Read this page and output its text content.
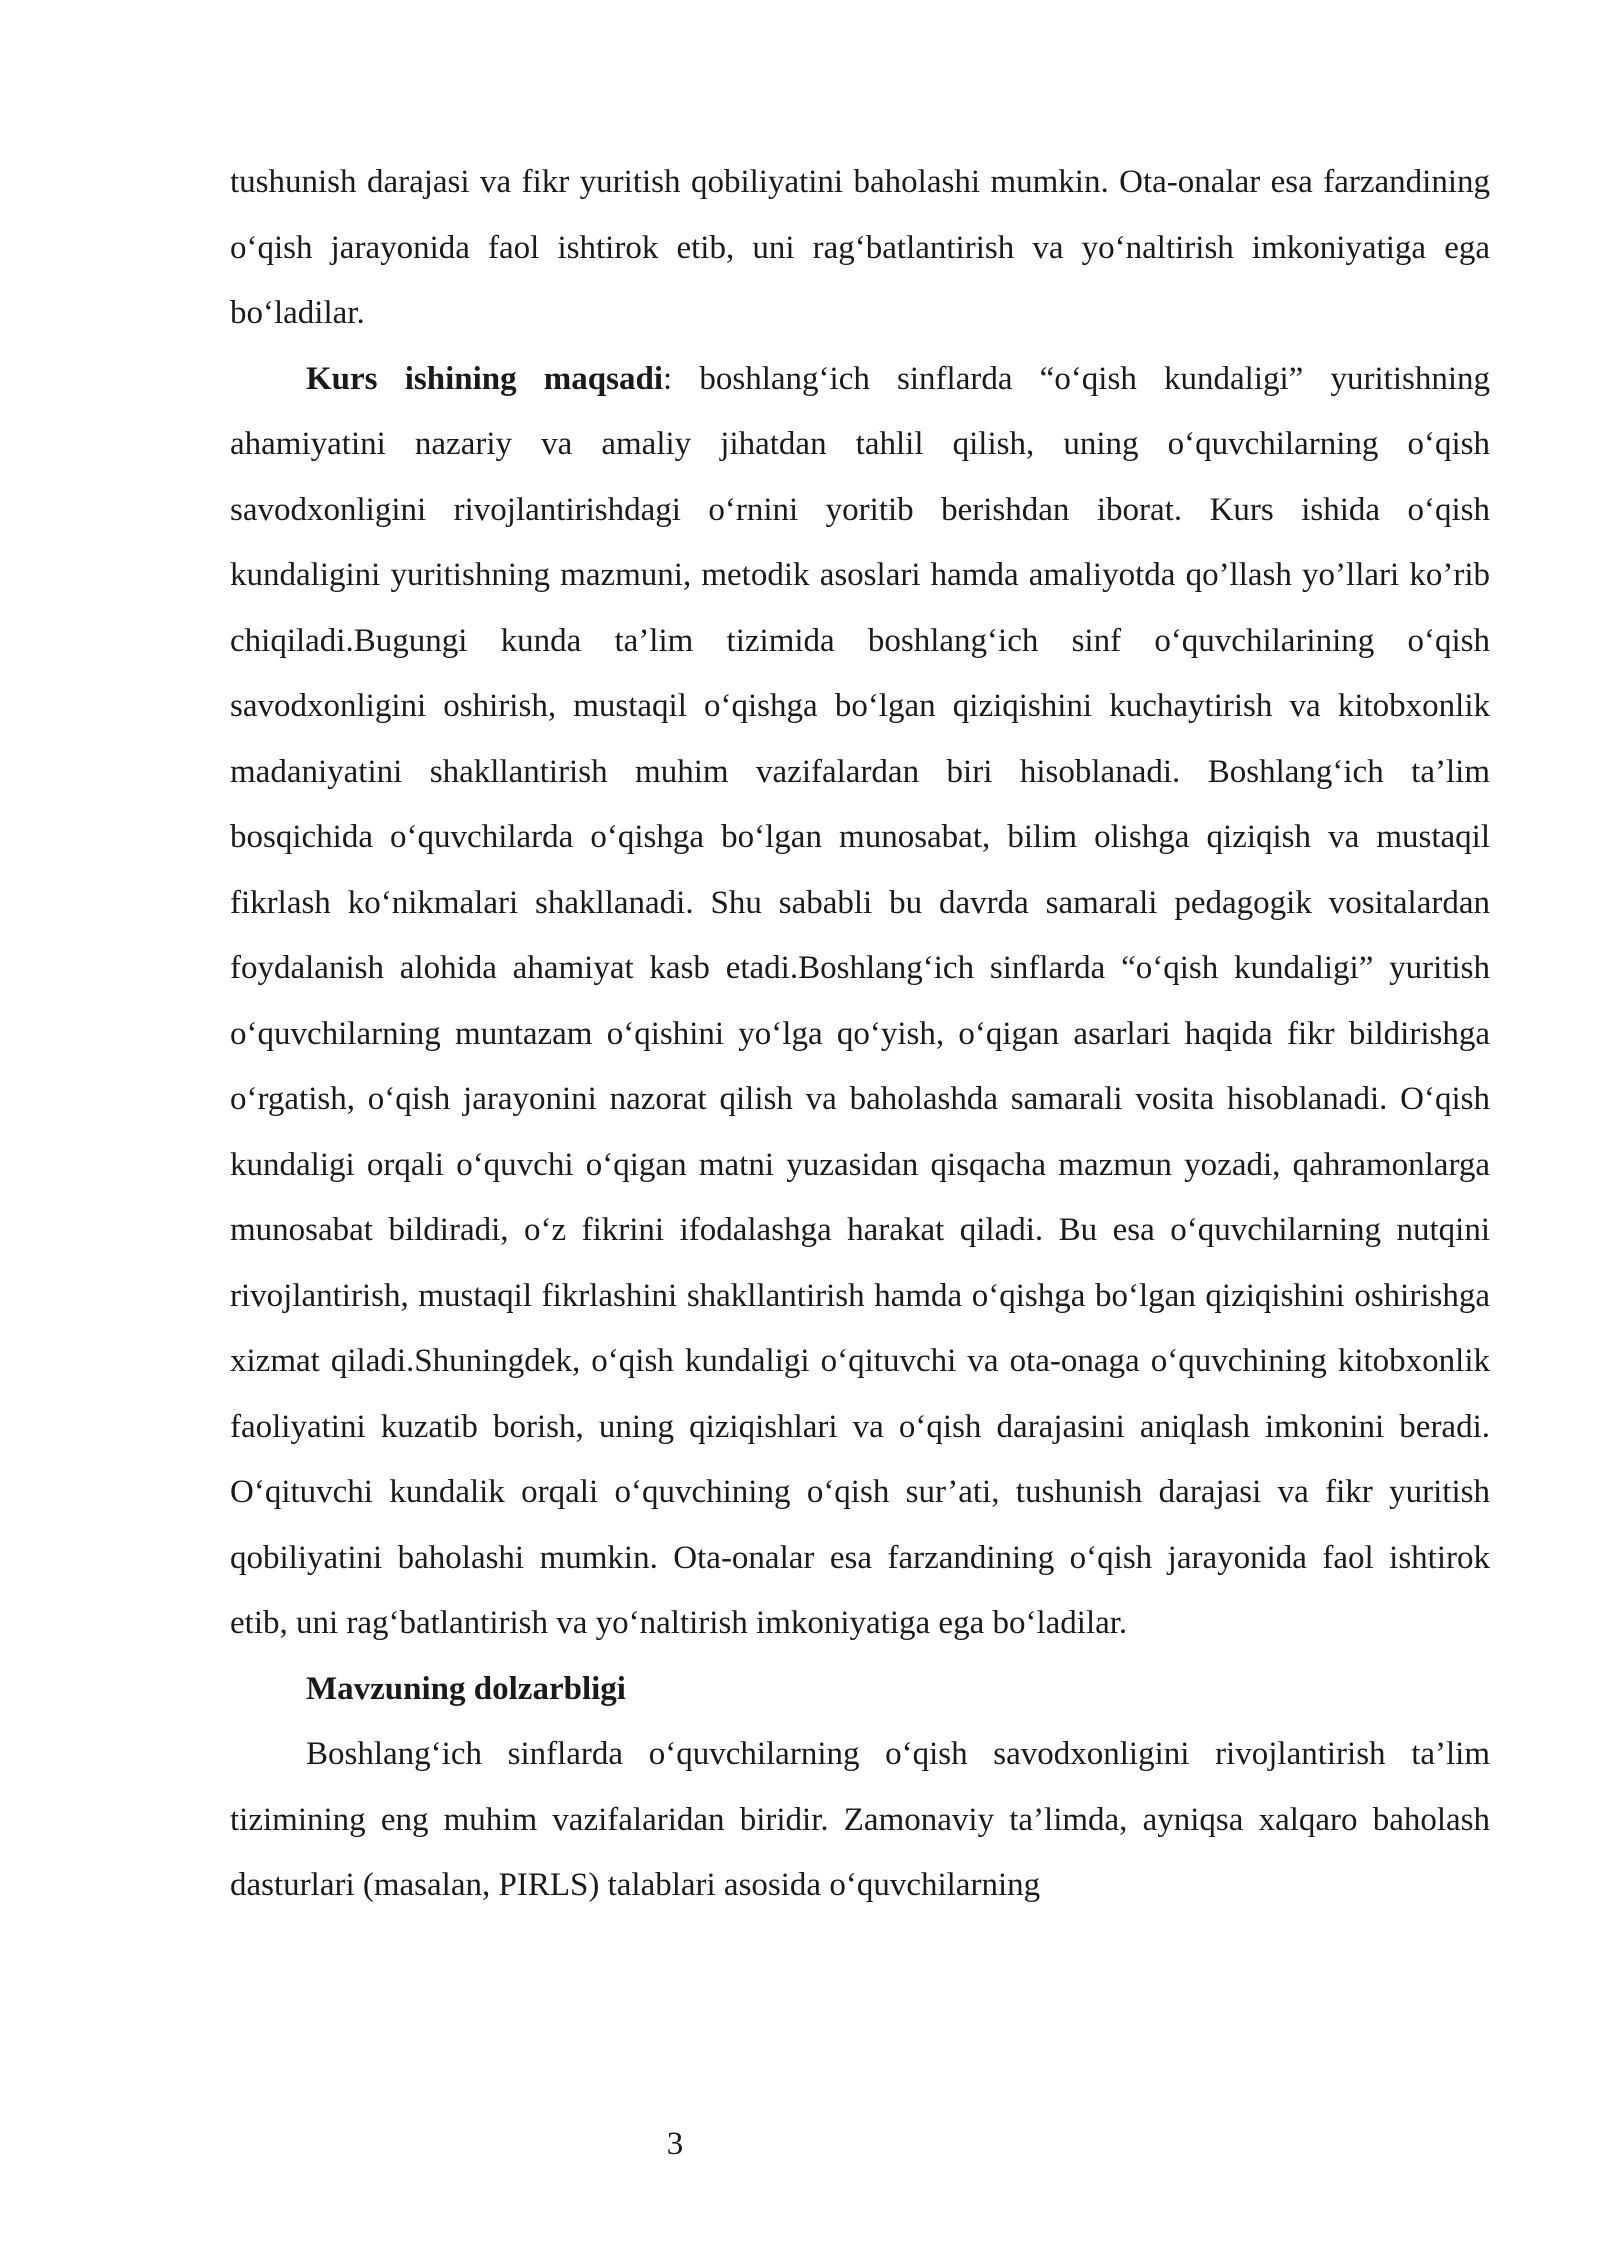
tushunish darajasi va fikr yuritish qobiliyatini baholashi mumkin. Ota-onalar esa farzandining o‘qish jarayonida faol ishtirok etib, uni rag‘batlantirish va yo‘naltirish imkoniyatiga ega bo‘ladilar.

Kurs ishining maqsadi: boshlang‘ich sinflarda “o‘qish kundaligi” yuritishning ahamiyatini nazariy va amaliy jihatdan tahlil qilish, uning o‘quvchilarning o‘qish savodxonligini rivojlantirishdagi o‘rnini yoritib berishdan iborat. Kurs ishida o‘qish kundaligini yuritishning mazmuni, metodik asoslari hamda amaliyotda qo’llash yo’llari ko’rib chiqiladi.Bugungi kunda ta’lim tizimida boshlang‘ich sinf o‘quvchilarining o‘qish savodxonligini oshirish, mustaqil o‘qishga bo‘lgan qiziqishini kuchaytirish va kitobxonlik madaniyatini shakllantirish muhim vazifalardan biri hisoblanadi. Boshlang‘ich ta’lim bosqichida o‘quvchilarda o‘qishga bo‘lgan munosabat, bilim olishga qiziqish va mustaqil fikrlash ko‘nikmalari shakllanadi. Shu sababli bu davrda samarali pedagogik vositalardan foydalanish alohida ahamiyat kasb etadi.Boshlang‘ich sinflarda “o‘qish kundaligi” yuritish o‘quvchilarning muntazam o‘qishini yo‘lga qo‘yish, o‘qigan asarlari haqida fikr bildirishga o‘rgatish, o‘qish jarayonini nazorat qilish va baholashda samarali vosita hisoblanadi. O‘qish kundaligi orqali o‘quvchi o‘qigan matni yuzasidan qisqacha mazmun yozadi, qahramonlarga munosabat bildiradi, o‘z fikrini ifodalashga harakat qiladi. Bu esa o‘quvchilarning nutqini rivojlantirish, mustaqil fikrlashini shakllantirish hamda o‘qishga bo‘lgan qiziqishini oshirishga xizmat qiladi.Shuningdek, o‘qish kundaligi o‘qituvchi va ota-onaga o‘quvchining kitobxonlik faoliyatini kuzatib borish, uning qiziqishlari va o‘qish darajasini aniqlash imkonini beradi. O‘qituvchi kundalik orqali o‘quvchining o‘qish sur’ati, tushunish darajasi va fikr yuritish qobiliyatini baholashi mumkin. Ota-onalar esa farzandining o‘qish jarayonida faol ishtirok etib, uni rag‘batlantirish va yo‘naltirish imkoniyatiga ega bo‘ladilar.

Mavzuning dolzarbligi

Boshlang‘ich sinflarda o‘quvchilarning o‘qish savodxonligini rivojlantirish ta’lim tizimining eng muhim vazifalaridan biridir. Zamonaviy ta’limda, ayniqsa xalqaro baholash dasturlari (masalan, PIRLS) talablari asosida o‘quvchilarning

3
